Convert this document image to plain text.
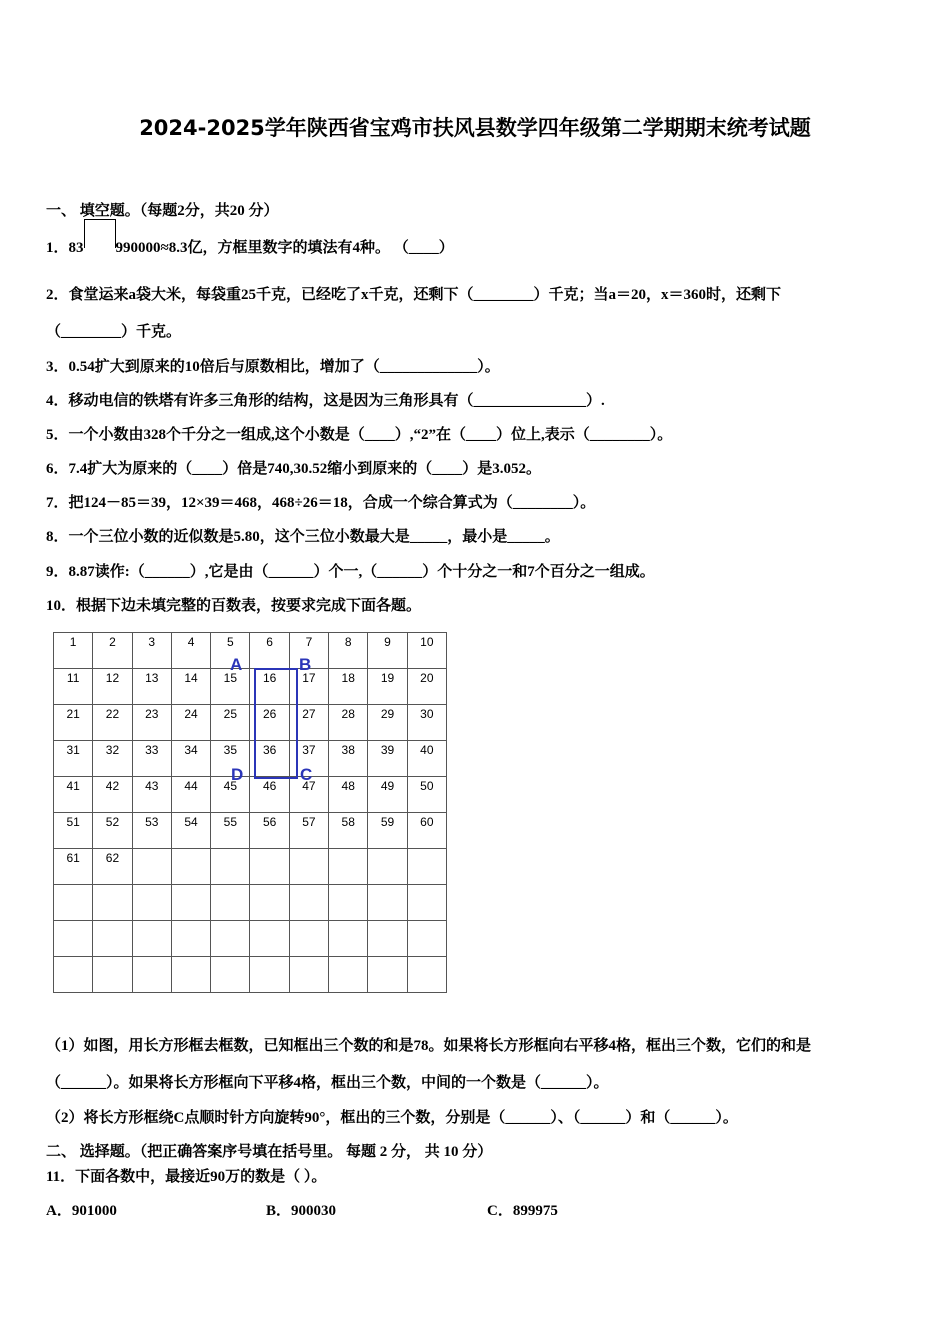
2024-2025学年陕西省宝鸡市扶风县数学四年级第二学期期末统考试题
一、 填空题。（每题2分，共20 分）
1．83 990000≈8.3亿，方框里数字的填法有4种。 （____）
2．食堂运来a袋大米，每袋重25千克，已经吃了x千克，还剩下（________）千克；当a＝20，x＝360时，还剩下
（________）千克。
3．0.54扩大到原来的10倍后与原数相比，增加了（_____________）。
4．移动电信的铁塔有许多三角形的结构，这是因为三角形具有（_______________）.
5．一个小数由328个千分之一组成,这个小数是（____）,“2”在（____）位上,表示（________）。
6．7.4扩大为原来的（____）倍是740,30.52缩小到原来的（____）是3.052。
7．把124－85＝39，12×39＝468，468÷26＝18，合成一个综合算式为（________）。
8．一个三位小数的近似数是5.80，这个三位小数最大是_____，最小是_____。
9．8.87读作:（______）,它是由（______）个一,（______）个十分之一和7个百分之一组成。
10．根据下边未填完整的百数表，按要求完成下面各题。
1	2	3	4	5	6	7	8	9	10
11	12	13	14	15	16	17	18	19	20
21	22	23	24	25	26	27	28	29	30
31	32	33	34	35	36	37	38	39	40
41	42	43	44	45	46	47	48	49	50
51	52	53	54	55	56	57	58	59	60
61	62								

A	B
D	C
（1）如图，用长方形框去框数，已知框出三个数的和是78。如果将长方形框向右平移4格，框出三个数，它们的和是
（______）。如果将长方形框向下平移4格，框出三个数，中间的一个数是（______）。
（2）将长方形框绕C点顺时针方向旋转90°，框出的三个数，分别是（______）、（______）和（______）。
二、 选择题。（把正确答案序号填在括号里。 每题 2 分， 共 10 分）
11．下面各数中，最接近90万的数是（ ）。
A．901000	B．900030	C．899975
